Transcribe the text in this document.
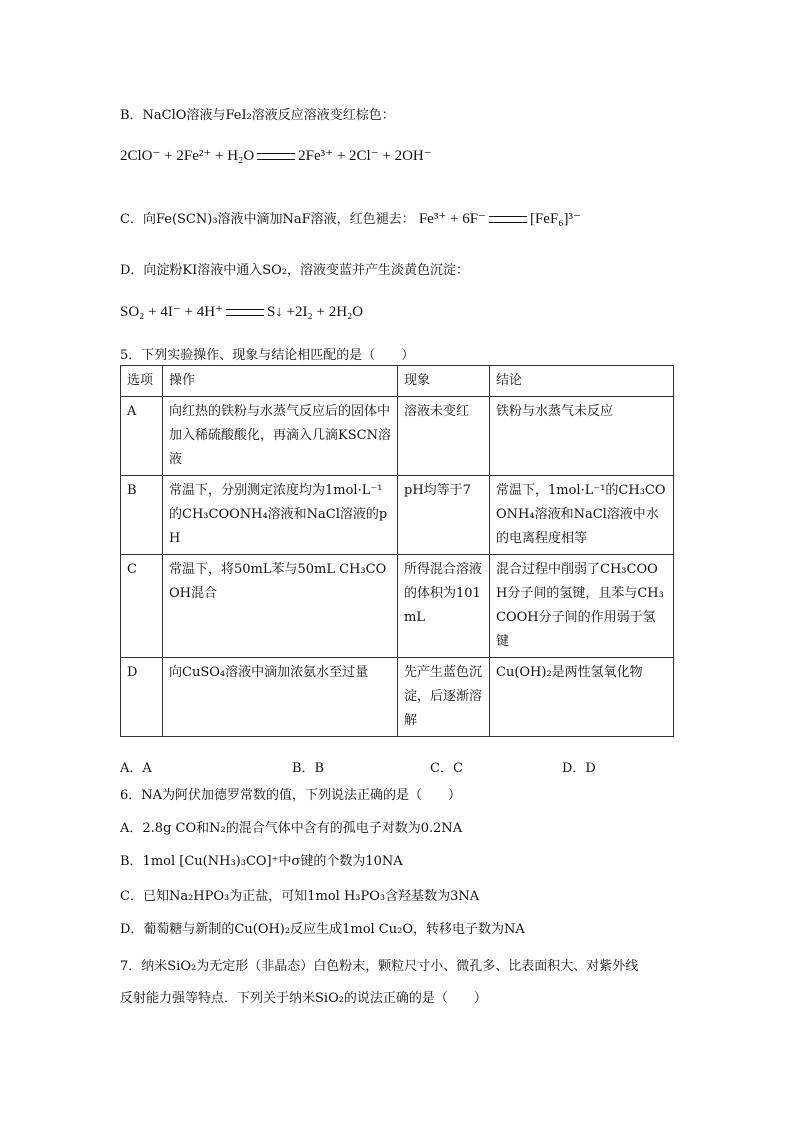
B．NaClO溶液与FeI₂溶液反应溶液变红棕色：
2ClO⁻ + 2Fe²⁺ + H₂O	2Fe³⁺ + 2Cl⁻ + 2OH⁻
C．向Fe(SCN)₃溶液中滴加NaF溶液，红色褪去： Fe³⁺ + 6F⁻	[FeF₆]³⁻
D．向淀粉KI溶液中通入SO₂，溶液变蓝并产生淡黄色沉淀：
SO₂ + 4I⁻ + 4H⁺	S↓ +2I₂ + 2H₂O
5．下列实验操作、现象与结论相匹配的是（　　）
选项	操作	现象	结论
A	向红热的铁粉与水蒸气反应后的固体中加入稀硫酸酸化，再滴入几滴KSCN溶液	溶液未变红	铁粉与水蒸气未反应
B	常温下，分别测定浓度均为1mol·L⁻¹的CH₃COONH₄溶液和NaCl溶液的pH	pH均等于7	常温下，1mol·L⁻¹的CH₃COONH₄溶液和NaCl溶液中水的电离程度相等
C	常温下，将50mL苯与50mL CH₃COOH混合	所得混合溶液的体积为101mL	混合过程中削弱了CH₃COOH分子间的氢键，且苯与CH₃COOH分子间的作用弱于氢键
D	向CuSO₄溶液中滴加浓氨水至过量	先产生蓝色沉淀，后逐渐溶解	Cu(OH)₂是两性氢氧化物
A．A	B．B	C．C	D．D
6．NA为阿伏加德罗常数的值，下列说法正确的是（　　）
A．2.8g CO和N₂的混合气体中含有的孤电子对数为0.2NA
B．1mol [Cu(NH₃)₃CO]⁺中σ键的个数为10NA
C．已知Na₂HPO₃为正盐，可知1mol H₃PO₃含羟基数为3NA
D．葡萄糖与新制的Cu(OH)₂反应生成1mol Cu₂O，转移电子数为NA
7．纳米SiO₂为无定形（非晶态）白色粉末，颗粒尺寸小、微孔多、比表面积大、对紫外线
反射能力强等特点．下列关于纳米SiO₂的说法正确的是（　　）
